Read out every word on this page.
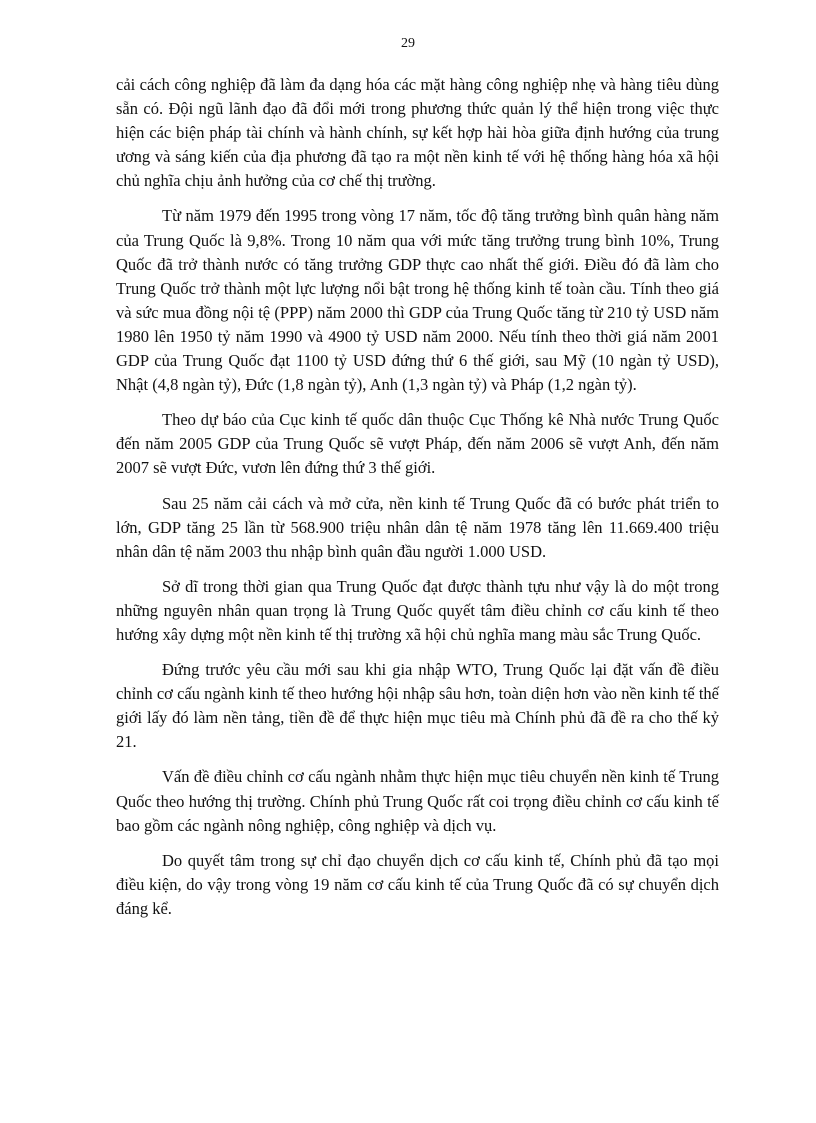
29

cải cách công nghiệp đã làm đa dạng hóa các mặt hàng công nghiệp nhẹ và hàng tiêu dùng sẵn có. Đội ngũ lãnh đạo đã đổi mới trong phương thức quản lý thể hiện trong việc thực hiện các biện pháp tài chính và hành chính, sự kết hợp hài hòa giữa định hướng của trung ương và sáng kiến của địa phương đã tạo ra một nền kinh tế với hệ thống hàng hóa xã hội chủ nghĩa chịu ảnh hưởng của cơ chế thị trường.

Từ năm 1979 đến 1995 trong vòng 17 năm, tốc độ tăng trưởng bình quân hàng năm của Trung Quốc là 9,8%. Trong 10 năm qua với mức tăng trưởng trung bình 10%, Trung Quốc đã trở thành nước có tăng trưởng GDP thực cao nhất thế giới. Điều đó đã làm cho Trung Quốc trở thành một lực lượng nổi bật trong hệ thống kinh tế toàn cầu. Tính theo giá và sức mua đồng nội tệ (PPP) năm 2000 thì GDP của Trung Quốc tăng từ 210 tỷ USD năm 1980 lên 1950 tỷ năm 1990 và 4900 tỷ USD năm 2000. Nếu tính theo thời giá năm 2001 GDP của Trung Quốc đạt 1100 tỷ USD đứng thứ 6 thế giới, sau Mỹ (10 ngàn tỷ USD), Nhật (4,8 ngàn tỷ), Đức (1,8 ngàn tỷ), Anh (1,3 ngàn tỷ) và Pháp (1,2 ngàn tỷ).

Theo dự báo của Cục kinh tế quốc dân thuộc Cục Thống kê Nhà nước Trung Quốc đến năm 2005 GDP của Trung Quốc sẽ vượt Pháp, đến năm 2006 sẽ vượt Anh, đến năm 2007 sẽ vượt Đức, vươn lên đứng thứ 3 thế giới.

Sau 25 năm cải cách và mở cửa, nền kinh tế Trung Quốc đã có bước phát triển to lớn, GDP tăng 25 lần từ 568.900 triệu nhân dân tệ năm 1978 tăng lên 11.669.400 triệu nhân dân tệ năm 2003 thu nhập bình quân đầu người 1.000 USD.

Sở dĩ trong thời gian qua Trung Quốc đạt được thành tựu như vậy là do một trong những nguyên nhân quan trọng là Trung Quốc quyết tâm điều chỉnh cơ cấu kinh tế theo hướng xây dựng một nền kinh tế thị trường xã hội chủ nghĩa mang màu sắc Trung Quốc.

Đứng trước yêu cầu mới sau khi gia nhập WTO, Trung Quốc lại đặt vấn đề điều chỉnh cơ cấu ngành kinh tế theo hướng hội nhập sâu hơn, toàn diện hơn vào nền kinh tế thế giới lấy đó làm nền tảng, tiền đề để thực hiện mục tiêu mà Chính phủ đã đề ra cho thế kỷ 21.

Vấn đề điều chỉnh cơ cấu ngành nhằm thực hiện mục tiêu chuyển nền kinh tế Trung Quốc theo hướng thị trường. Chính phủ Trung Quốc rất coi trọng điều chỉnh cơ cấu kinh tế bao gồm các ngành nông nghiệp, công nghiệp và dịch vụ.

Do quyết tâm trong sự chỉ đạo chuyển dịch cơ cấu kinh tế, Chính phủ đã tạo mọi điều kiện, do vậy trong vòng 19 năm cơ cấu kinh tế của Trung Quốc đã có sự chuyển dịch đáng kể.
